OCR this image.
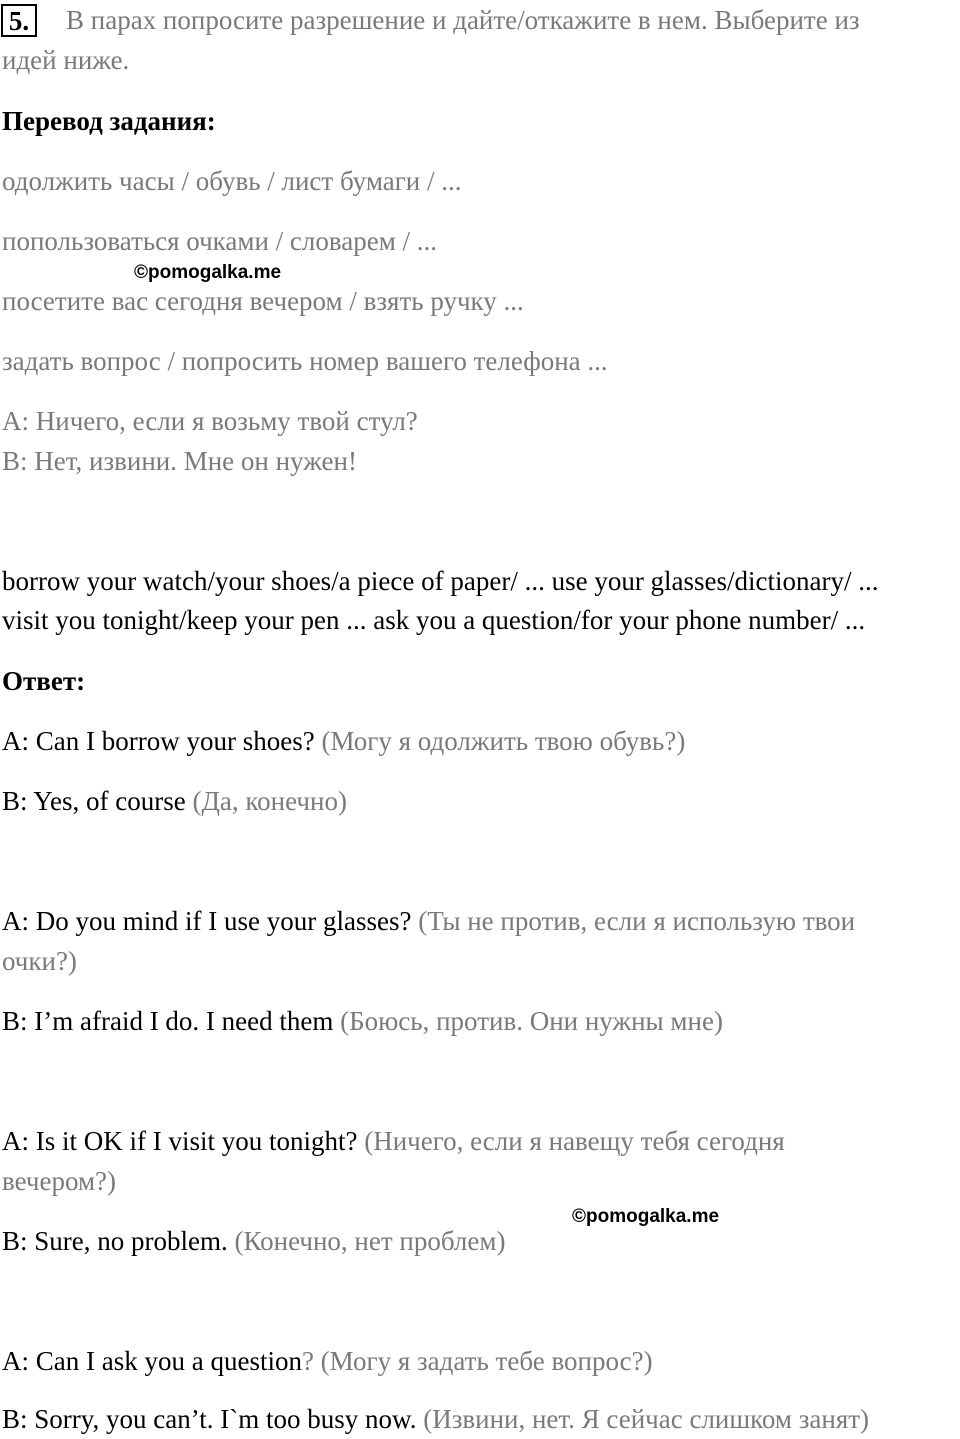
5. В парах попросите разрешение и дайте/откажите в нем. Выберите из
идей ниже.
Перевод задания:
одолжить часы / обувь / лист бумаги / ...
попользоваться очками / словарем / ...
©pomogalka.me
посетите вас сегодня вечером / взять ручку ...
задать вопрос / попросить номер вашего телефона ...
A: Ничего, если я возьму твой стул?
B: Нет, извини. Мне он нужен!
borrow your watch/your shoes/a piece of paper/ ... use your glasses/dictionary/ ...
visit you tonight/keep your pen ... ask you a question/for your phone number/ ...
Ответ:
A: Can I borrow your shoes? (Могу я одолжить твою обувь?)
B: Yes, of course (Да, конечно)
A: Do you mind if I use your glasses? (Ты не против, если я использую твои
очки?)
B: I’m afraid I do. I need them (Боюсь, против. Они нужны мне)
A: Is it OK if I visit you tonight? (Ничего, если я навещу тебя сегодня
вечером?)
©pomogalka.me
B: Sure, no problem. (Конечно, нет проблем)
A: Can I ask you a question? (Могу я задать тебе вопрос?)
B: Sorry, you can’t. I`m too busy now. (Извини, нет. Я сейчас слишком занят)
